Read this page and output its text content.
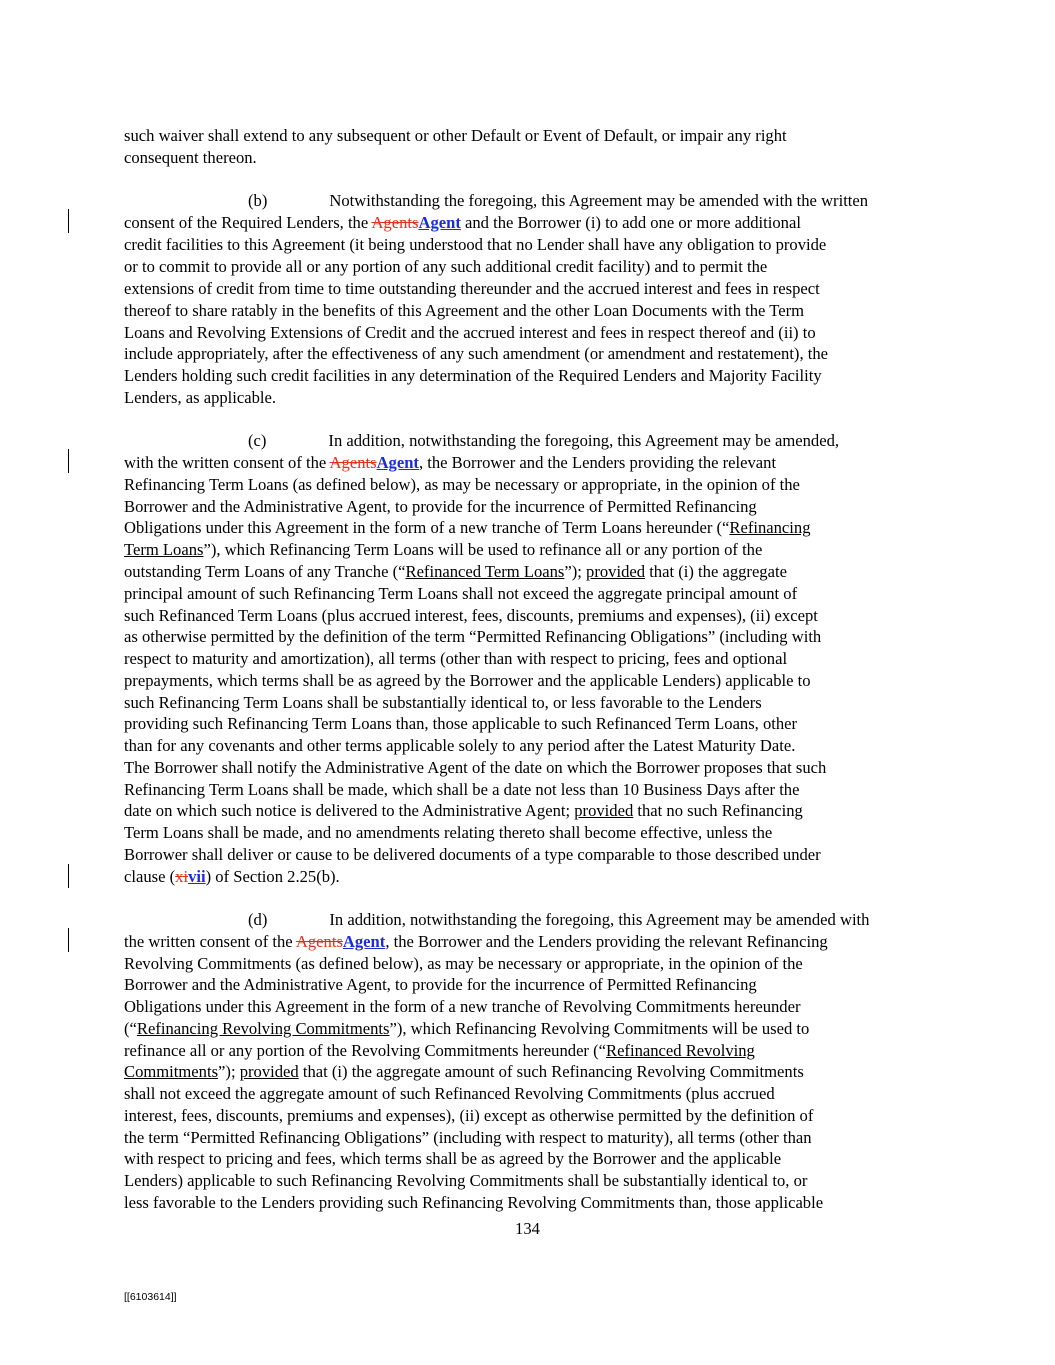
such waiver shall extend to any subsequent or other Default or Event of Default, or impair any right
consequent thereon.
(b)	Notwithstanding the foregoing, this Agreement may be amended with the written
consent of the Required Lenders, the AgentsAgent and the Borrower (i) to add one or more additional
credit facilities to this Agreement (it being understood that no Lender shall have any obligation to provide
or to commit to provide all or any portion of any such additional credit facility) and to permit the
extensions of credit from time to time outstanding thereunder and the accrued interest and fees in respect
thereof to share ratably in the benefits of this Agreement and the other Loan Documents with the Term
Loans and Revolving Extensions of Credit and the accrued interest and fees in respect thereof and (ii) to
include appropriately, after the effectiveness of any such amendment (or amendment and restatement), the
Lenders holding such credit facilities in any determination of the Required Lenders and Majority Facility
Lenders, as applicable.
(c)	In addition, notwithstanding the foregoing, this Agreement may be amended,
with the written consent of the AgentsAgent, the Borrower and the Lenders providing the relevant
Refinancing Term Loans (as defined below), as may be necessary or appropriate, in the opinion of the
Borrower and the Administrative Agent, to provide for the incurrence of Permitted Refinancing
Obligations under this Agreement in the form of a new tranche of Term Loans hereunder (“Refinancing
Term Loans”), which Refinancing Term Loans will be used to refinance all or any portion of the
outstanding Term Loans of any Tranche (“Refinanced Term Loans”); provided that (i) the aggregate
principal amount of such Refinancing Term Loans shall not exceed the aggregate principal amount of
such Refinanced Term Loans (plus accrued interest, fees, discounts, premiums and expenses), (ii) except
as otherwise permitted by the definition of the term “Permitted Refinancing Obligations” (including with
respect to maturity and amortization), all terms (other than with respect to pricing, fees and optional
prepayments, which terms shall be as agreed by the Borrower and the applicable Lenders) applicable to
such Refinancing Term Loans shall be substantially identical to, or less favorable to the Lenders
providing such Refinancing Term Loans than, those applicable to such Refinanced Term Loans, other
than for any covenants and other terms applicable solely to any period after the Latest Maturity Date.
The Borrower shall notify the Administrative Agent of the date on which the Borrower proposes that such
Refinancing Term Loans shall be made, which shall be a date not less than 10 Business Days after the
date on which such notice is delivered to the Administrative Agent; provided that no such Refinancing
Term Loans shall be made, and no amendments relating thereto shall become effective, unless the
Borrower shall deliver or cause to be delivered documents of a type comparable to those described under
clause (xivii) of Section 2.25(b).
(d)	In addition, notwithstanding the foregoing, this Agreement may be amended with
the written consent of the AgentsAgent, the Borrower and the Lenders providing the relevant Refinancing
Revolving Commitments (as defined below), as may be necessary or appropriate, in the opinion of the
Borrower and the Administrative Agent, to provide for the incurrence of Permitted Refinancing
Obligations under this Agreement in the form of a new tranche of Revolving Commitments hereunder
(“Refinancing Revolving Commitments”), which Refinancing Revolving Commitments will be used to
refinance all or any portion of the Revolving Commitments hereunder (“Refinanced Revolving
Commitments”); provided that (i) the aggregate amount of such Refinancing Revolving Commitments
shall not exceed the aggregate amount of such Refinanced Revolving Commitments (plus accrued
interest, fees, discounts, premiums and expenses), (ii) except as otherwise permitted by the definition of
the term “Permitted Refinancing Obligations” (including with respect to maturity), all terms (other than
with respect to pricing and fees, which terms shall be as agreed by the Borrower and the applicable
Lenders) applicable to such Refinancing Revolving Commitments shall be substantially identical to, or
less favorable to the Lenders providing such Refinancing Revolving Commitments than, those applicable
134
[[6103614]]
